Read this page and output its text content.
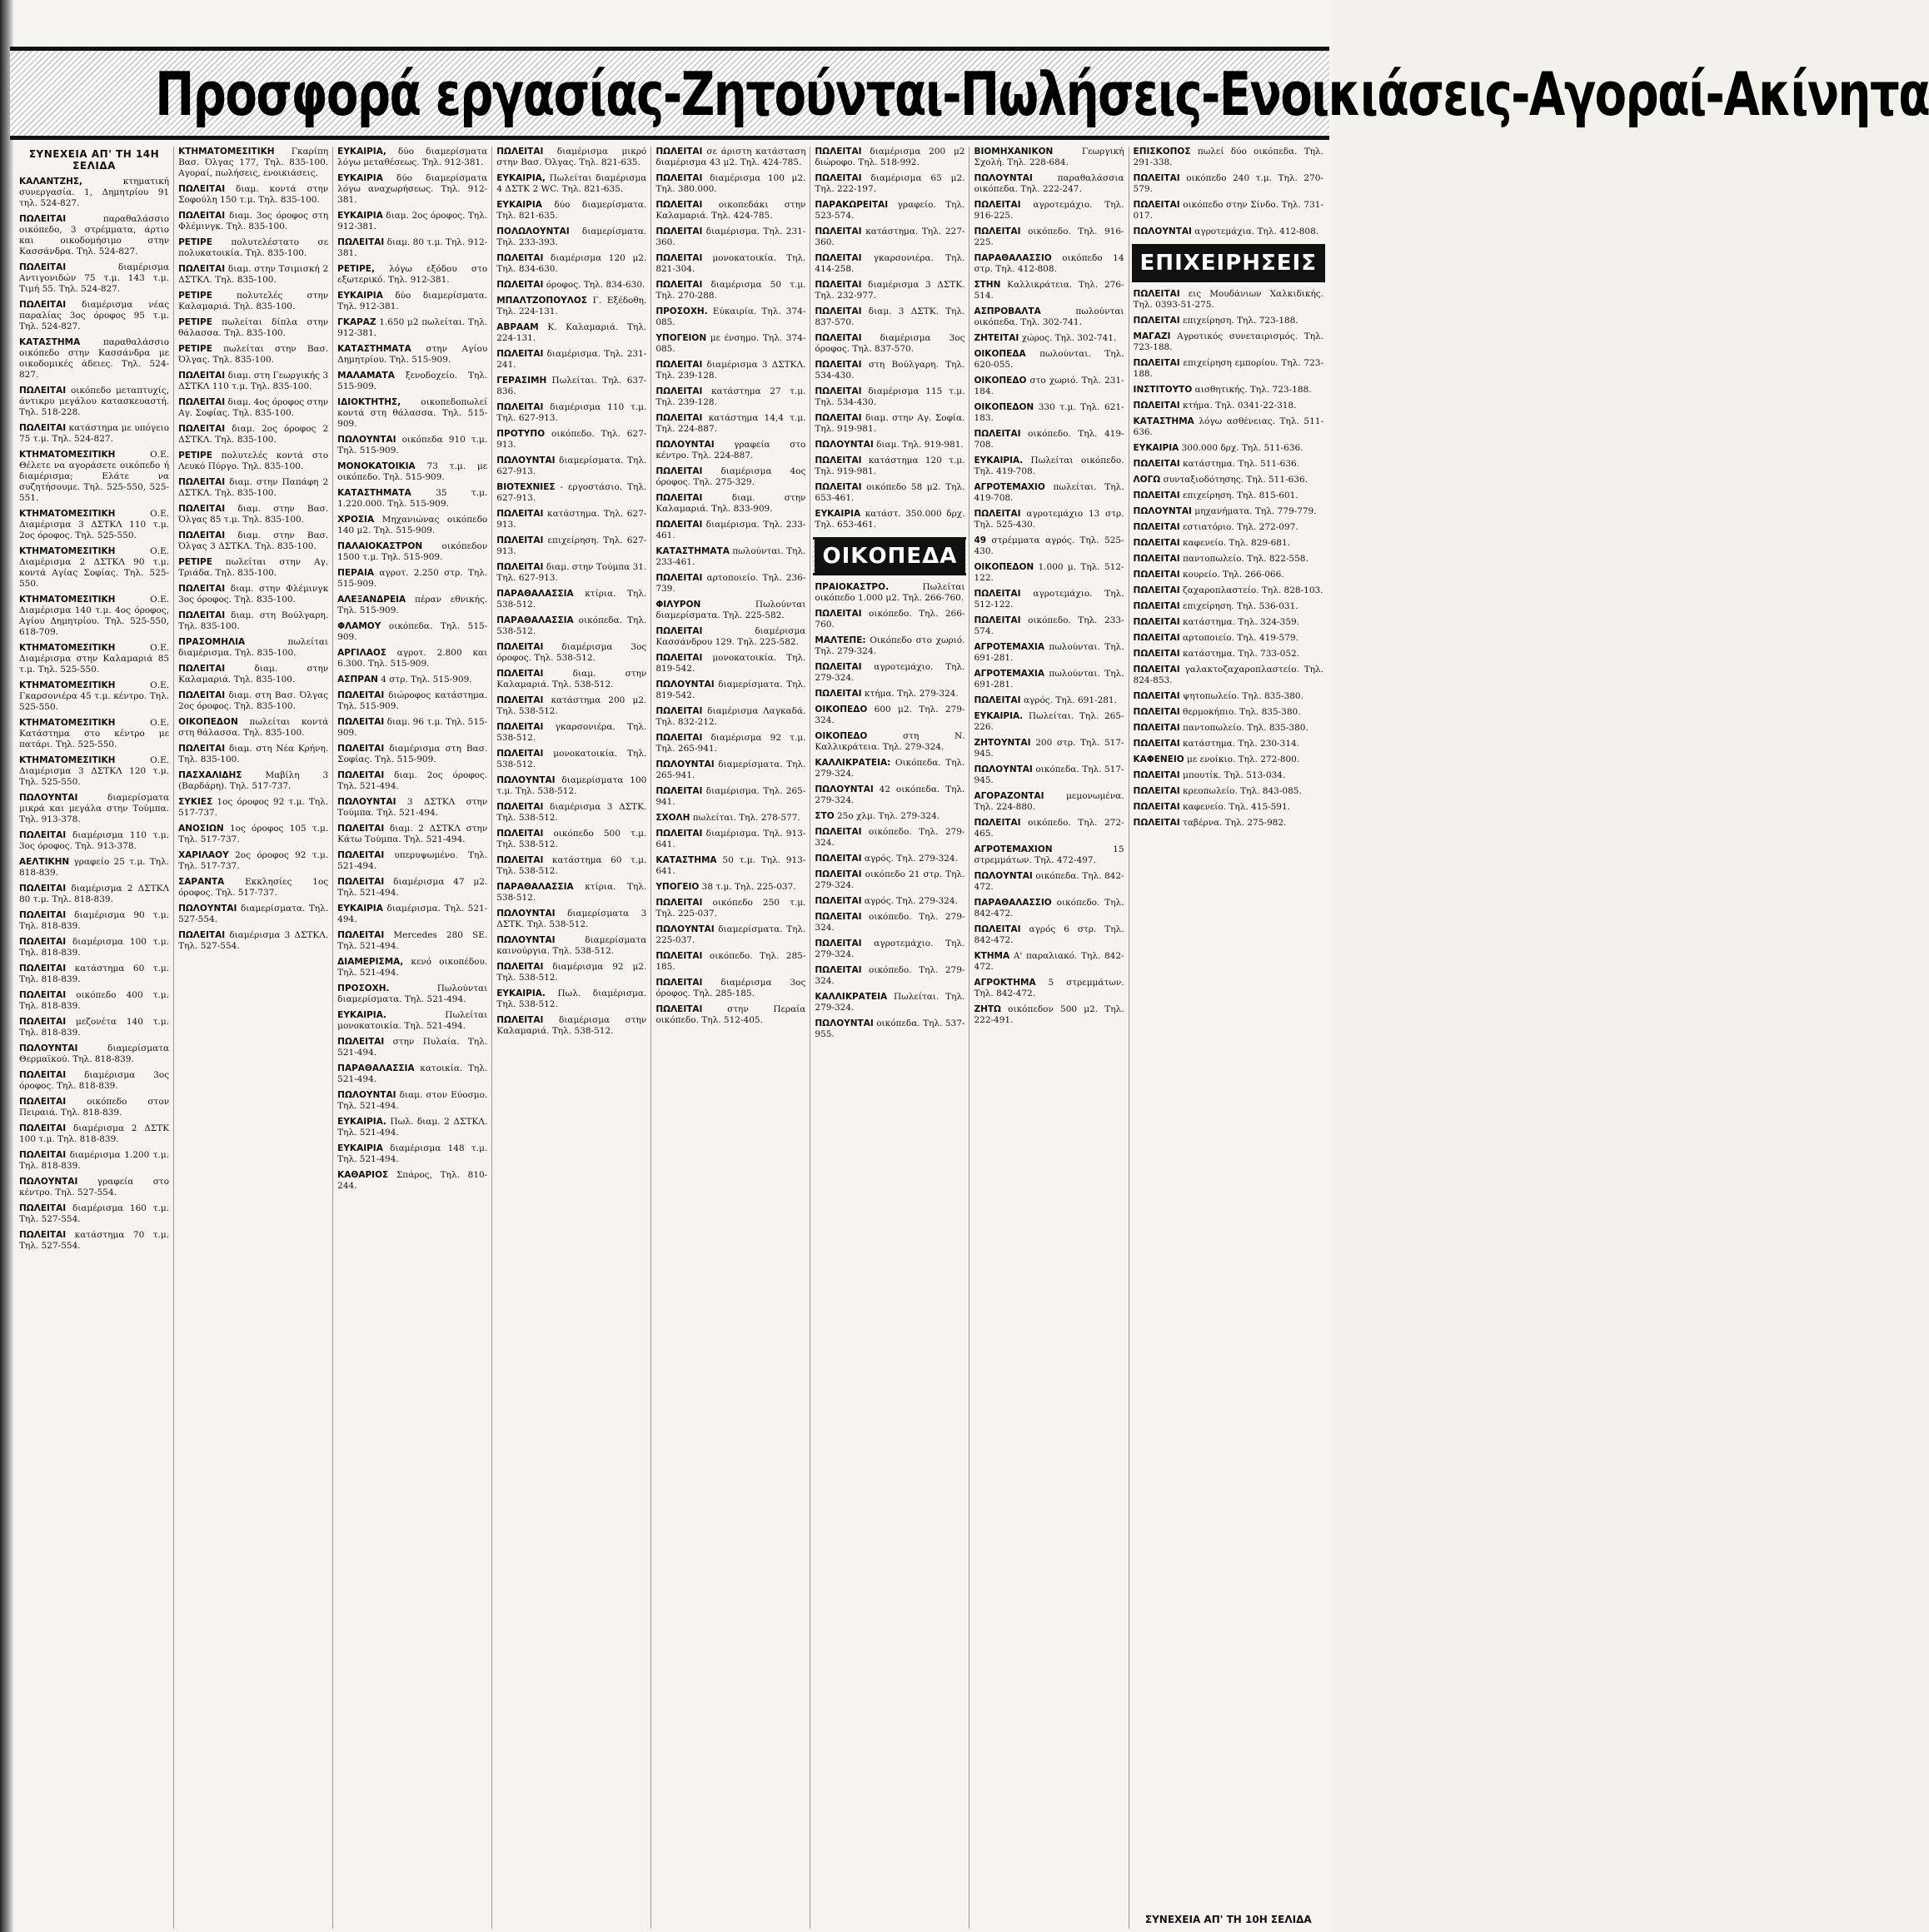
Προσφορά εργασίας-Ζητούνται-Πωλήσεις-Ενοικιάσεις-Αγοραί-Ακίνητα
ΣΥΝΕΧΕΙΑ ΑΠ' ΤΗ 14Η ΣΕΛΙΔΑ

ΚΑΛΑΝΤΖΗΣ,	κτηματική συνεργασία. 1, Δημητρίου 91 τηλ. 524-827.

ΠΩΛΕΙΤΑΙ	παραθαλάσσιο οικόπεδο, 3 στρέμματα, άρτιο και οικοδομήσιμο στην Κασσάνδρα. Τηλ. 524-827.

ΠΩΛΕΙΤΑΙ	διαμέρισμα Αντιγονιδών 75 τ.μ. 143 τ.μ. Τιμή 55. Τηλ. 524-827.

ΠΩΛΕΙΤΑΙ διαμέρισμα νέας παραλίας 3ος όροφος 95 τ.μ. Τηλ. 524-827.

ΚΑΤΑΣΤΗΜΑ	παραθαλάσσιο οικόπεδο στην Κασσάνδρα με οικοδομικές άδειες. Τηλ. 524-827.

ΠΩΛΕΙΤΑΙ οικόπεδο μεταπτυχίς, άντικρυ μεγάλου κατασκευαστή. Τηλ. 518-228.

ΠΩΛΕΙΤΑΙ κατάστημα με υπόγειο 75 τ.μ. Τηλ. 524-827.

ΚΤΗΜΑΤΟΜΕΣΙΤΙΚΗ	Ο.Ε. Θέλετε να αγοράσετε οικόπεδο ή διαμέρισμα; Ελάτε να συζητήσουμε. Τηλ. 525-550, 525-551.

ΚΤΗΜΑΤΟΜΕΣΙΤΙΚΗ	Ο.Ε. Διαμέρισμα 3 ΔΣΤΚΛ 110 τ.μ. 2ος όροφος. Τηλ. 525-550.

ΚΤΗΜΑΤΟΜΕΣΙΤΙΚΗ	Ο.Ε. Διαμέρισμα 2 ΔΣΤΚΛ 90 τ.μ. κοντά Αγίας Σοφίας. Τηλ. 525-550.

ΚΤΗΜΑΤΟΜΕΣΙΤΙΚΗ	Ο.Ε. Διαμέρισμα 140 τ.μ. 4ος όροφος, Αγίου Δημητρίου. Τηλ. 525-550, 618-709.

ΚΤΗΜΑΤΟΜΕΣΙΤΙΚΗ	Ο.Ε. Διαμέρισμα στην Καλαμαριά 85 τ.μ. Τηλ. 525-550.

ΚΤΗΜΑΤΟΜΕΣΙΤΙΚΗ	Ο.Ε. Γκαρσονιέρα 45 τ.μ. κέντρο. Τηλ. 525-550.

ΚΤΗΜΑΤΟΜΕΣΙΤΙΚΗ	Ο.Ε. Κατάστημα στο κέντρο με πατάρι. Τηλ. 525-550.

ΚΤΗΜΑΤΟΜΕΣΙΤΙΚΗ	Ο.Ε. Διαμέρισμα 3 ΔΣΤΚΛ 120 τ.μ. Τηλ. 525-550.

ΠΩΛΟΥΝΤΑΙ	διαμερίσματα μικρά και μεγάλα στην Τούμπα. Τηλ. 913-378.

ΠΩΛΕΙΤΑΙ διαμέρισμα 110 τ.μ. 3ος όροφος. Τηλ. 913-378.

ΑΕΛΤΙΚΗΝ γραφείο 25 τ.μ. Τηλ. 818-839.

ΠΩΛΕΙΤΑΙ διαμέρισμα 2 ΔΣΤΚΛ 80 τ.μ. Τηλ. 818-839.

ΠΩΛΕΙΤΑΙ διαμέρισμα 90 τ.μ. Τηλ. 818-839.

ΠΩΛΕΙΤΑΙ διαμέρισμα 100 τ.μ. Τηλ. 818-839.

ΠΩΛΕΙΤΑΙ κατάστημα 60 τ.μ. Τηλ. 818-839.

ΠΩΛΕΙΤΑΙ οικόπεδο 400 τ.μ. Τηλ. 818-839.

ΠΩΛΕΙΤΑΙ μεζονέτα 140 τ.μ. Τηλ. 818-839.

ΠΩΛΟΥΝΤΑΙ	διαμερίσματα Θερμαϊκού. Τηλ. 818-839.

ΠΩΛΕΙΤΑΙ διαμέρισμα 3ος όροφος. Τηλ. 818-839.

ΠΩΛΕΙΤΑΙ οικόπεδο στον Πειραιά. Τηλ. 818-839.

ΠΩΛΕΙΤΑΙ διαμέρισμα 2 ΔΣΤΚ 100 τ.μ. Τηλ. 818-839.

ΠΩΛΕΙΤΑΙ διαμέρισμα 1.200 τ.μ. Τηλ. 818-839.

ΠΩΛΟΥΝΤΑΙ γραφεία στο κέντρο. Τηλ. 527-554.

ΠΩΛΕΙΤΑΙ διαμέρισμα 160 τ.μ. Τηλ. 527-554.

ΠΩΛΕΙΤΑΙ κατάστημα 70 τ.μ. Τηλ. 527-554.

ΚΤΗΜΑΤΟΜΕΣΙΤΙΚΗ Γκαρίπη Βασ. Όλγας 177, Τηλ. 835-100. Αγοραί, πωλήσεις, ενοικιάσεις.

ΠΩΛΕΙΤΑΙ διαμ. κοντά στην Σοφούλη 150 τ.μ. Τηλ. 835-100.

ΠΩΛΕΙΤΑΙ διαμ. 3ος όροφος στη Φλέμινγκ. Τηλ. 835-100.

ΡΕΤΙΡΕ πολυτελέστατο σε πολυκατοικία. Τηλ. 835-100.

ΠΩΛΕΙΤΑΙ διαμ. στην Τσιμισκή 2 ΔΣΤΚΛ. Τηλ. 835-100.

ΡΕΤΙΡΕ	πολυτελές στην Καλαμαριά. Τηλ. 835-100.

ΡΕΤΙΡΕ πωλείται δίπλα στην θάλασσα. Τηλ. 835-100.

ΡΕΤΙΡΕ πωλείται στην Βασ. Όλγας. Τηλ. 835-100.

ΠΩΛΕΙΤΑΙ διαμ. στη Γεωργικής 3 ΔΣΤΚΛ 110 τ.μ. Τηλ. 835-100.

ΠΩΛΕΙΤΑΙ διαμ. 4ος όροφος στην Αγ. Σοφίας. Τηλ. 835-100.

ΠΩΛΕΙΤΑΙ διαμ. 2ος όροφος 2 ΔΣΤΚΛ. Τηλ. 835-100.

ΡΕΤΙΡΕ πολυτελές κοντά στο Λευκό Πύργο. Τηλ. 835-100.

ΠΩΛΕΙΤΑΙ διαμ. στην Παπάφη 2 ΔΣΤΚΛ. Τηλ. 835-100.

ΠΩΛΕΙΤΑΙ διαμ. στην Βασ. Όλγας 85 τ.μ. Τηλ. 835-100.

ΠΩΛΕΙΤΑΙ διαμ. στην Βασ. Όλγας 3 ΔΣΤΚΛ. Τηλ. 835-100.

ΡΕΤΙΡΕ πωλείται στην Αγ. Τριάδα. Τηλ. 835-100.

ΠΩΛΕΙΤΑΙ διαμ. στην Φλέμινγκ 3ος όροφος. Τηλ. 835-100.

ΠΩΛΕΙΤΑΙ διαμ. στη Βούλγαρη. Τηλ. 835-100.

ΠΡΑΣΟΜΗΛΙΑ	πωλείται διαμέρισμα. Τηλ. 835-100.

ΠΩΛΕΙΤΑΙ	διαμ. στην Καλαμαριά. Τηλ. 835-100.

ΠΩΛΕΙΤΑΙ διαμ. στη Βασ. Όλγας 2ος όροφος. Τηλ. 835-100.

ΟΙΚΟΠΕΔΟΝ πωλείται κοντά στη θάλασσα. Τηλ. 835-100.

ΠΩΛΕΙΤΑΙ διαμ. στη Νέα Κρήνη. Τηλ. 835-100.

ΠΑΣΧΑΛΙΔΗΣ	Μαβίλη 3 (Βαρδάρη). Τηλ. 517-737.

ΣΥΚΙΕΣ 1ος όροφος 92 τ.μ. Τηλ. 517-737.

ΑΝΟΣΙΩΝ 1ος όροφος 105 τ.μ. Τηλ. 517-737.

ΧΑΡΙΛΑΟΥ 2ος όροφος 92 τ.μ. Τηλ. 517-737.

ΣΑΡΑΝΤΑ Εκκλησίες 1ος όροφος. Τηλ. 517-737.

ΠΩΛΟΥΝΤΑΙ διαμερίσματα. Τηλ. 527-554.

ΠΩΛΕΙΤΑΙ διαμέρισμα 3 ΔΣΤΚΛ. Τηλ. 527-554.

ΕΥΚΑΙΡΙΑ, δύο διαμερίσματα λόγω μεταθέσεως. Τηλ. 912-381.

ΕΥΚΑΙΡΙΑ δύο διαμερίσματα λόγω αναχωρήσεως. Τηλ. 912-381.

ΕΥΚΑΙΡΙΑ διαμ. 2ος όροφος. Τηλ. 912-381.

ΠΩΛΕΙΤΑΙ διαμ. 80 τ.μ. Τηλ. 912-381.

ΡΕΤΙΡΕ, λόγω εξόδου στο εξωτερικό. Τηλ. 912-381.

ΕΥΚΑΙΡΙΑ δύο διαμερίσματα. Τηλ. 912-381.

ΓΚΑΡΑΖ 1.650 μ2 πωλείται. Τηλ. 912-381.

ΚΑΤΑΣΤΗΜΑΤΑ στην Αγίου Δημητρίου. Τηλ. 515-909.

ΜΑΛΑΜΑΤΑ ξενοδοχείο. Τηλ. 515-909.

ΙΔΙΟΚΤΗΤΗΣ, οικοπεδοπωλεί κοντά στη θάλασσα. Τηλ. 515-909.

ΠΩΛΟΥΝΤΑΙ οικόπεδα 910 τ.μ. Τηλ. 515-909.

ΜΟΝΟΚΑΤΟΙΚΙΑ 73 τ.μ. με οικόπεδο. Τηλ. 515-909.

ΚΑΤΑΣΤΗΜΑΤΑ	35 τ.μ. 1.220.000. Τηλ. 515-909.

ΧΡΟΣΙΑ Μηχανιώνας οικόπεδο 140 μ2. Τηλ. 515-909.

ΠΑΛΑΙΟΚΑΣΤΡΟΝ οικόπεδον 1500 τ.μ. Τηλ. 515-909.

ΠΕΡΑΙΑ αγροτ. 2.250 στρ. Τηλ. 515-909.

ΑΛΕΞΑΝΔΡΕΙΑ πέραν εθνικής. Τηλ. 515-909.

ΦΛΑΜΟΥ οικόπεδα. Τηλ. 515-909.

ΑΡΓΙΛΑΟΣ αγροτ. 2.800 και 6.300. Τηλ. 515-909.

ΑΣΠΡΑΝ 4 στρ. Τηλ. 515-909.

ΠΩΛΕΙΤΑΙ διώροφος κατάστημα. Τηλ. 515-909.

ΠΩΛΕΙΤΑΙ διαμ. 96 τ.μ. Τηλ. 515-909.

ΠΩΛΕΙΤΑΙ διαμέρισμα στη Βασ. Σοφίας. Τηλ. 515-909.

ΠΩΛΕΙΤΑΙ διαμ. 2ος όροφος. Τηλ. 521-494.

ΠΩΛΟΥΝΤΑΙ 3 ΔΣΤΚΛ στην Τούμπα. Τηλ. 521-494.

ΠΩΛΕΙΤΑΙ διαμ. 2 ΔΣΤΚΛ στην Κάτω Τούμπα. Τηλ. 521-494.

ΠΩΛΕΙΤΑΙ υπερυψωμένο. Τηλ. 521-494.

ΠΩΛΕΙΤΑΙ διαμέρισμα 47 μ2. Τηλ. 521-494.

ΕΥΚΑΙΡΙΑ διαμέρισμα. Τηλ. 521-494.

ΠΩΛΕΙΤΑΙ Mercedes 280 SE. Τηλ. 521-494.

ΔΙΑΜΕΡΙΣΜΑ, κενό οικοπέδου. Τηλ. 521-494.

ΠΡΟΣΟΧΗ.	Πωλούνται διαμερίσματα. Τηλ. 521-494.

ΕΥΚΑΙΡΙΑ.	Πωλείται μονοκατοικία. Τηλ. 521-494.

ΠΩΛΕΙΤΑΙ στην Πυλαία. Τηλ. 521-494.

ΠΑΡΑΘΑΛΑΣΣΙΑ κατοικία. Τηλ. 521-494.

ΠΩΛΟΥΝΤΑΙ διαμ. στον Εύοσμο. Τηλ. 521-494.

ΕΥΚΑΙΡΙΑ. Πωλ. διαμ. 2 ΔΣΤΚΛ. Τηλ. 521-494.

ΕΥΚΑΙΡΙΑ διαμέρισμα 148 τ.μ. Τηλ. 521-494.

ΚΑΘΑΡΙΟΣ Σπάρος, Τηλ. 810-244.

ΠΩΛΕΙΤΑΙ διαμέρισμα μικρό στην Βασ. Όλγας. Τηλ. 821-635.

ΕΥΚΑΙΡΙΑ, Πωλείται διαμέρισμα 4 ΔΣΤΚ 2 WC. Τηλ. 821-635.

ΕΥΚΑΙΡΙΑ δύο διαμερίσματα. Τηλ. 821-635.

ΠΟΛΩΛΟΥΝΤΑΙ διαμερίσματα. Τηλ. 233-393.

ΠΩΛΕΙΤΑΙ διαμέρισμα 120 μ2. Τηλ. 834-630.

ΠΩΛΕΙΤΑΙ όροφος. Τηλ. 834-630.

ΜΠΑΛΤΖΟΠΟΥΛΟΣ Γ. Εξέδοθη. Τηλ. 224-131.

ΑΒΡΑΑΜ Κ. Καλαμαριά. Τηλ. 224-131.

ΠΩΛΕΙΤΑΙ διαμέρισμα. Τηλ. 231-241.

ΓΕΡΑΣΙΜΗ Πωλείται. Τηλ. 637-836.

ΠΩΛΕΙΤΑΙ διαμέρισμα 110 τ.μ. Τηλ. 627-913.

ΠΡΟΤΥΠΟ οικόπεδο. Τηλ. 627-913.

ΠΩΛΟΥΝΤΑΙ διαμερίσματα. Τηλ. 627-913.

ΒΙΟΤΕΧΝΙΕΣ - εργοστάσιο. Τηλ. 627-913.

ΠΩΛΕΙΤΑΙ κατάστημα. Τηλ. 627-913.

ΠΩΛΕΙΤΑΙ επιχείρηση. Τηλ. 627-913.

ΠΩΛΕΙΤΑΙ διαμ. στην Τούμπα 31. Τηλ. 627-913.

ΠΑΡΑΘΑΛΑΣΣΙΑ κτίρια. Τηλ. 538-512.

ΠΑΡΑΘΑΛΑΣΣΙΑ οικόπεδα. Τηλ. 538-512.

ΠΩΛΕΙΤΑΙ διαμέρισμα 3ος όροφος. Τηλ. 538-512.

ΠΩΛΕΙΤΑΙ	διαμ. στην Καλαμαριά. Τηλ. 538-512.

ΠΩΛΕΙΤΑΙ κατάστημα 200 μ2. Τηλ. 538-512.

ΠΩΛΕΙΤΑΙ γκαρσονιέρα. Τηλ. 538-512.

ΠΩΛΕΙΤΑΙ μονοκατοικία. Τηλ. 538-512.

ΠΩΛΟΥΝΤΑΙ διαμερίσματα 100 τ.μ. Τηλ. 538-512.

ΠΩΛΕΙΤΑΙ διαμέρισμα 3 ΔΣΤΚ. Τηλ. 538-512.

ΠΩΛΕΙΤΑΙ οικόπεδο 500 τ.μ. Τηλ. 538-512.

ΠΩΛΕΙΤΑΙ κατάστημα 60 τ.μ. Τηλ. 538-512.

ΠΑΡΑΘΑΛΑΣΣΙΑ κτίρια. Τηλ. 538-512.

ΠΩΛΟΥΝΤΑΙ διαμερίσματα 3 ΔΣΤΚ. Τηλ. 538-512.

ΠΩΛΟΥΝΤΑΙ	διαμερίσματα καινούργια. Τηλ. 538-512.

ΠΩΛΕΙΤΑΙ διαμέρισμα 92 μ2. Τηλ. 538-512.

ΕΥΚΑΙΡΙΑ. Πωλ. διαμέρισμα. Τηλ. 538-512.

ΠΩΛΕΙΤΑΙ διαμέρισμα στην Καλαμαριά. Τηλ. 538-512.

ΠΩΛΕΙΤΑΙ σε άριστη κατάσταση διαμέρισμα 43 μ2. Τηλ. 424-785.

ΠΩΛΕΙΤΑΙ διαμέρισμα 100 μ2. Τηλ. 380.000.

ΠΩΛΕΙΤΑΙ οικοπεδάκι στην Καλαμαριά. Τηλ. 424-785.

ΠΩΛΕΙΤΑΙ διαμέρισμα. Τηλ. 231-360.

ΠΩΛΕΙΤΑΙ μονοκατοικία. Τηλ. 821-304.

ΠΩΛΕΙΤΑΙ διαμέρισμα 50 τ.μ. Τηλ. 270-288.

ΠΡΟΣΟΧΗ. Εύκαιρία. Τηλ. 374-085.

ΥΠΟΓΕΙΟΝ με ένσημο. Τηλ. 374-085.

ΠΩΛΕΙΤΑΙ διαμέρισμα 3 ΔΣΤΚΛ. Τηλ. 239-128.

ΠΩΛΕΙΤΑΙ κατάστημα 27 τ.μ. Τηλ. 239-128.

ΠΩΛΕΙΤΑΙ κατάστημα 14,4 τ.μ. Τηλ. 224-887.

ΠΩΛΟΥΝΤΑΙ γραφεία στο κέντρο. Τηλ. 224-887.

ΠΩΛΕΙΤΑΙ διαμέρισμα 4ος όροφος. Τηλ. 275-329.

ΠΩΛΕΙΤΑΙ	διαμ. στην Καλαμαριά. Τηλ. 833-909.

ΠΩΛΕΙΤΑΙ διαμέρισμα. Τηλ. 233-461.

ΚΑΤΑΣΤΗΜΑΤΑ πωλούνται. Τηλ. 233-461.

ΠΩΛΕΙΤΑΙ αρτοποιείο. Τηλ. 236-739.

ΦΙΛΥΡΟΝ	Πωλούνται διαμερίσματα. Τηλ. 225-582.

ΠΩΛΕΙΤΑΙ	διαμέρισμα Κασσάνδρου 129. Τηλ. 225-582.

ΠΩΛΕΙΤΑΙ μονοκατοικία. Τηλ. 819-542.

ΠΩΛΟΥΝΤΑΙ διαμερίσματα. Τηλ. 819-542.

ΠΩΛΕΙΤΑΙ διαμέρισμα Λαγκαδά. Τηλ. 832-212.

ΠΩΛΕΙΤΑΙ διαμέρισμα 92 τ.μ. Τηλ. 265-941.

ΠΩΛΟΥΝΤΑΙ διαμερίσματα. Τηλ. 265-941.

ΠΩΛΕΙΤΑΙ διαμέρισμα. Τηλ. 265-941.

ΣΧΟΛΗ πωλείται. Τηλ. 278-577.

ΠΩΛΕΙΤΑΙ διαμέρισμα. Τηλ. 913-641.

ΚΑΤΑΣΤΗΜΑ 50 τ.μ. Τηλ. 913-641.

ΥΠΟΓΕΙΟ 38 τ.μ. Τηλ. 225-037.

ΠΩΛΕΙΤΑΙ οικόπεδο 250 τ.μ. Τηλ. 225-037.

ΠΩΛΟΥΝΤΑΙ διαμερίσματα. Τηλ. 225-037.

ΠΩΛΕΙΤΑΙ οικόπεδο. Τηλ. 285-185.

ΠΩΛΕΙΤΑΙ διαμέρισμα 3ος όροφος. Τηλ. 285-185.

ΠΩΛΕΙΤΑΙ	στην Περαία οικόπεδο. Τηλ. 512-405.

ΠΩΛΕΙΤΑΙ διαμέρισμα 200 μ2 διώροφο. Τηλ. 518-992.

ΠΩΛΕΙΤΑΙ διαμέρισμα 65 μ2. Τηλ. 222-197.

ΠΑΡΑΚΩΡΕΙΤΑΙ γραφείο. Τηλ. 523-574.

ΠΩΛΕΙΤΑΙ κατάστημα. Τηλ. 227-360.

ΠΩΛΕΙΤΑΙ γκαρσονιέρα. Τηλ. 414-258.

ΠΩΛΕΙΤΑΙ διαμέρισμα 3 ΔΣΤΚ. Τηλ. 232-977.

ΠΩΛΕΙΤΑΙ διαμ. 3 ΔΣΤΚ. Τηλ. 837-570.

ΠΩΛΕΙΤΑΙ διαμέρισμα 3ος όροφος. Τηλ. 837-570.

ΠΩΛΕΙΤΑΙ στη Βούλγαρη. Τηλ. 534-430.

ΠΩΛΕΙΤΑΙ διαμέρισμα 115 τ.μ. Τηλ. 534-430.

ΠΩΛΕΙΤΑΙ διαμ. στην Αγ. Σοφία. Τηλ. 919-981.

ΠΩΛΟΥΝΤΑΙ διαμ. Τηλ. 919-981.

ΠΩΛΕΙΤΑΙ κατάστημα 120 τ.μ. Τηλ. 919-981.

ΠΩΛΕΙΤΑΙ οικόπεδο 58 μ2. Τηλ. 653-461.

ΕΥΚΑΙΡΙΑ κατάστ. 350.000 δρχ. Τηλ. 653-461.

ΟΙΚΟΠΕΔΑ

ΠΡΑΙΟΚΑΣΤΡΟ.	Πωλείται οικόπεδο 1.000 μ2. Τηλ. 266-760.

ΠΩΛΕΙΤΑΙ οικόπεδο. Τηλ. 266-760.

ΜΑΛΤΕΠΕ: Οικόπεδο στο χωριό. Τηλ. 279-324.

ΠΩΛΕΙΤΑΙ αγροτεμάχιο. Τηλ. 279-324.

ΠΩΛΕΙΤΑΙ κτήμα. Τηλ. 279-324.

ΟΙΚΟΠΕΔΟ 600 μ2. Τηλ. 279-324.

ΟΙΚΟΠΕΔΟ	στη Ν. Καλλικράτεια. Τηλ. 279-324.

ΚΑΛΛΙΚΡΑΤΕΙΑ: Οικόπεδα. Τηλ. 279-324.

ΠΩΛΟΥΝΤΑΙ 42 οικόπεδα. Τηλ. 279-324.

ΣΤΟ 25ο χλμ. Τηλ. 279-324.

ΠΩΛΕΙΤΑΙ οικόπεδο. Τηλ. 279-324.

ΠΩΛΕΙΤΑΙ αγρός. Τηλ. 279-324.

ΠΩΛΕΙΤΑΙ οικόπεδο 21 στρ. Τηλ. 279-324.

ΠΩΛΕΙΤΑΙ αγρός. Τηλ. 279-324.

ΠΩΛΕΙΤΑΙ οικόπεδο. Τηλ. 279-324.

ΠΩΛΕΙΤΑΙ αγροτεμάχιο. Τηλ. 279-324.

ΠΩΛΕΙΤΑΙ οικόπεδο. Τηλ. 279-324.

ΚΑΛΛΙΚΡΑΤΕΙΑ Πωλείται. Τηλ. 279-324.

ΠΩΛΟΥΝΤΑΙ οικόπεδα. Τηλ. 537-955.

ΒΙΟΜΗΧΑΝΙΚΟΝ	Γεωργική Σχολή. Τηλ. 228-684.

ΠΩΛΟΥΝΤΑΙ	παραθαλάσσια οικόπεδα. Τηλ. 222-247.

ΠΩΛΕΙΤΑΙ αγροτεμάχιο. Τηλ. 916-225.

ΠΩΛΕΙΤΑΙ οικόπεδο. Τηλ. 916-225.

ΠΑΡΑΘΑΛΑΣΣΙΟ οικόπεδο 14 στρ. Τηλ. 412-808.

ΣΤΗΝ Καλλικράτεια. Τηλ. 276-514.

ΑΣΠΡΟΒΑΛΤΑ	πωλούνται οικόπεδα. Τηλ. 302-741.

ΖΗΤΕΙΤΑΙ χώρος. Τηλ. 302-741.

ΟΙΚΟΠΕΔΑ πωλούνται. Τηλ. 620-055.

ΟΙΚΟΠΕΔΟ στο χωριό. Τηλ. 231-184.

ΟΙΚΟΠΕΔΟΝ 330 τ.μ. Τηλ. 621-183.

ΠΩΛΕΙΤΑΙ οικόπεδο. Τηλ. 419-708.

ΕΥΚΑΙΡΙΑ. Πωλείται οικόπεδο. Τηλ. 419-708.

ΑΓΡΟΤΕΜΑΧΙΟ πωλείται. Τηλ. 419-708.

ΠΩΛΕΙΤΑΙ αγροτεμάχιο 13 στρ. Τηλ. 525-430.

49 στρέμματα αγρός. Τηλ. 525-430.

ΟΙΚΟΠΕΔΟΝ 1.000 μ. Τηλ. 512-122.

ΠΩΛΕΙΤΑΙ αγροτεμάχιο. Τηλ. 512-122.

ΠΩΛΕΙΤΑΙ οικόπεδο. Τηλ. 233-574.

ΑΓΡΟΤΕΜΑΧΙΑ πωλούνται. Τηλ. 691-281.

ΑΓΡΟΤΕΜΑΧΙΑ πωλούνται. Τηλ. 691-281.

ΠΩΛΕΙΤΑΙ αγρός. Τηλ. 691-281.

ΕΥΚΑΙΡΙΑ. Πωλείται. Τηλ. 265-226.

ΖΗΤΟΥΝΤΑΙ 200 στρ. Τηλ. 517-945.

ΠΩΛΟΥΝΤΑΙ οικόπεδα. Τηλ. 517-945.

ΑΓΟΡΑΖΟΝΤΑΙ	μεμονωμένα. Τηλ. 224-880.

ΠΩΛΕΙΤΑΙ οικόπεδο. Τηλ. 272-465.

ΑΓΡΟΤΕΜΑΧΙΟΝ	15 στρεμμάτων. Τηλ. 472-497.

ΠΩΛΟΥΝΤΑΙ οικόπεδα. Τηλ. 842-472.

ΠΑΡΑΘΑΛΑΣΣΙΟ οικόπεδο. Τηλ. 842-472.

ΠΩΛΕΙΤΑΙ αγρός 6 στρ. Τηλ. 842-472.

ΚΤΗΜΑ Α' παραλιακό. Τηλ. 842-472.

ΑΓΡΟΚΤΗΜΑ 5 στρεμμάτων. Τηλ. 842-472.

ΖΗΤΩ οικόπεδον 500 μ2. Τηλ. 222-491.

ΕΠΙΣΚΟΠΟΣ πωλεί δύο οικόπεδα. Τηλ. 291-338.

ΠΩΛΕΙΤΑΙ οικόπεδο 240 τ.μ. Τηλ. 270-579.

ΠΩΛΕΙΤΑΙ οικόπεδο στην Σίνδο. Τηλ. 731-017.

ΠΩΛΟΥΝΤΑΙ αγροτεμάχια. Τηλ. 412-808.

ΕΠΙΧΕΙΡΗΣΕΙΣ

ΠΩΛΕΙΤΑΙ εις Μουδάνιων Χαλκιδικής. Τηλ. 0393-51-275.

ΠΩΛΕΙΤΑΙ επιχείρηση. Τηλ. 723-188.

ΜΑΓΑΖΙ Αγροτικός συνεταιρισμός. Τηλ. 723-188.

ΠΩΛΕΙΤΑΙ επιχείρηση εμπορίου. Τηλ. 723-188.

ΙΝΣΤΙΤΟΥΤΟ αισθητικής. Τηλ. 723-188.

ΠΩΛΕΙΤΑΙ κτήμα. Τηλ. 0341-22-318.

ΚΑΤΑΣΤΗΜΑ λόγω ασθένειας. Τηλ. 511-636.

ΕΥΚΑΙΡΙΑ 300.000 δρχ. Τηλ. 511-636.

ΠΩΛΕΙΤΑΙ κατάστημα. Τηλ. 511-636.

ΛΟΓΩ συνταξιοδότησης. Τηλ. 511-636.

ΠΩΛΕΙΤΑΙ επιχείρηση. Τηλ. 815-601.

ΠΩΛΟΥΝΤΑΙ μηχανήματα. Τηλ. 779-779.

ΠΩΛΕΙΤΑΙ εστιατόριο. Τηλ. 272-097.

ΠΩΛΕΙΤΑΙ καφενείο. Τηλ. 829-681.

ΠΩΛΕΙΤΑΙ παντοπωλείο. Τηλ. 822-558.

ΠΩΛΕΙΤΑΙ κουρείο. Τηλ. 266-066.

ΠΩΛΕΙΤΑΙ ζαχαροπλαστείο. Τηλ. 828-103.

ΠΩΛΕΙΤΑΙ επιχείρηση. Τηλ. 536-031.

ΠΩΛΕΙΤΑΙ κατάστημα. Τηλ. 324-359.

ΠΩΛΕΙΤΑΙ αρτοποιείο. Τηλ. 419-579.

ΠΩΛΕΙΤΑΙ κατάστημα. Τηλ. 733-052.

ΠΩΛΕΙΤΑΙ γαλακτοζαχαροπλαστείο. Τηλ. 824-853.

ΠΩΛΕΙΤΑΙ ψητοπωλείο. Τηλ. 835-380.

ΠΩΛΕΙΤΑΙ θερμοκήπιο. Τηλ. 835-380.

ΠΩΛΕΙΤΑΙ παντοπωλείο. Τηλ. 835-380.

ΠΩΛΕΙΤΑΙ κατάστημα. Τηλ. 230-314.

ΚΑΦΕΝΕΙΟ με ενοίκιο. Τηλ. 272-800.

ΠΩΛΕΙΤΑΙ μπουτίκ. Τηλ. 513-034.

ΠΩΛΕΙΤΑΙ κρεοπωλείο. Τηλ. 843-085.

ΠΩΛΕΙΤΑΙ καφενείο. Τηλ. 415-591.

ΠΩΛΕΙΤΑΙ ταβέρνα. Τηλ. 275-982.

ΣΥΝΕΧΕΙΑ ΑΠ' ΤΗ 10Η ΣΕΛΙΔΑ
